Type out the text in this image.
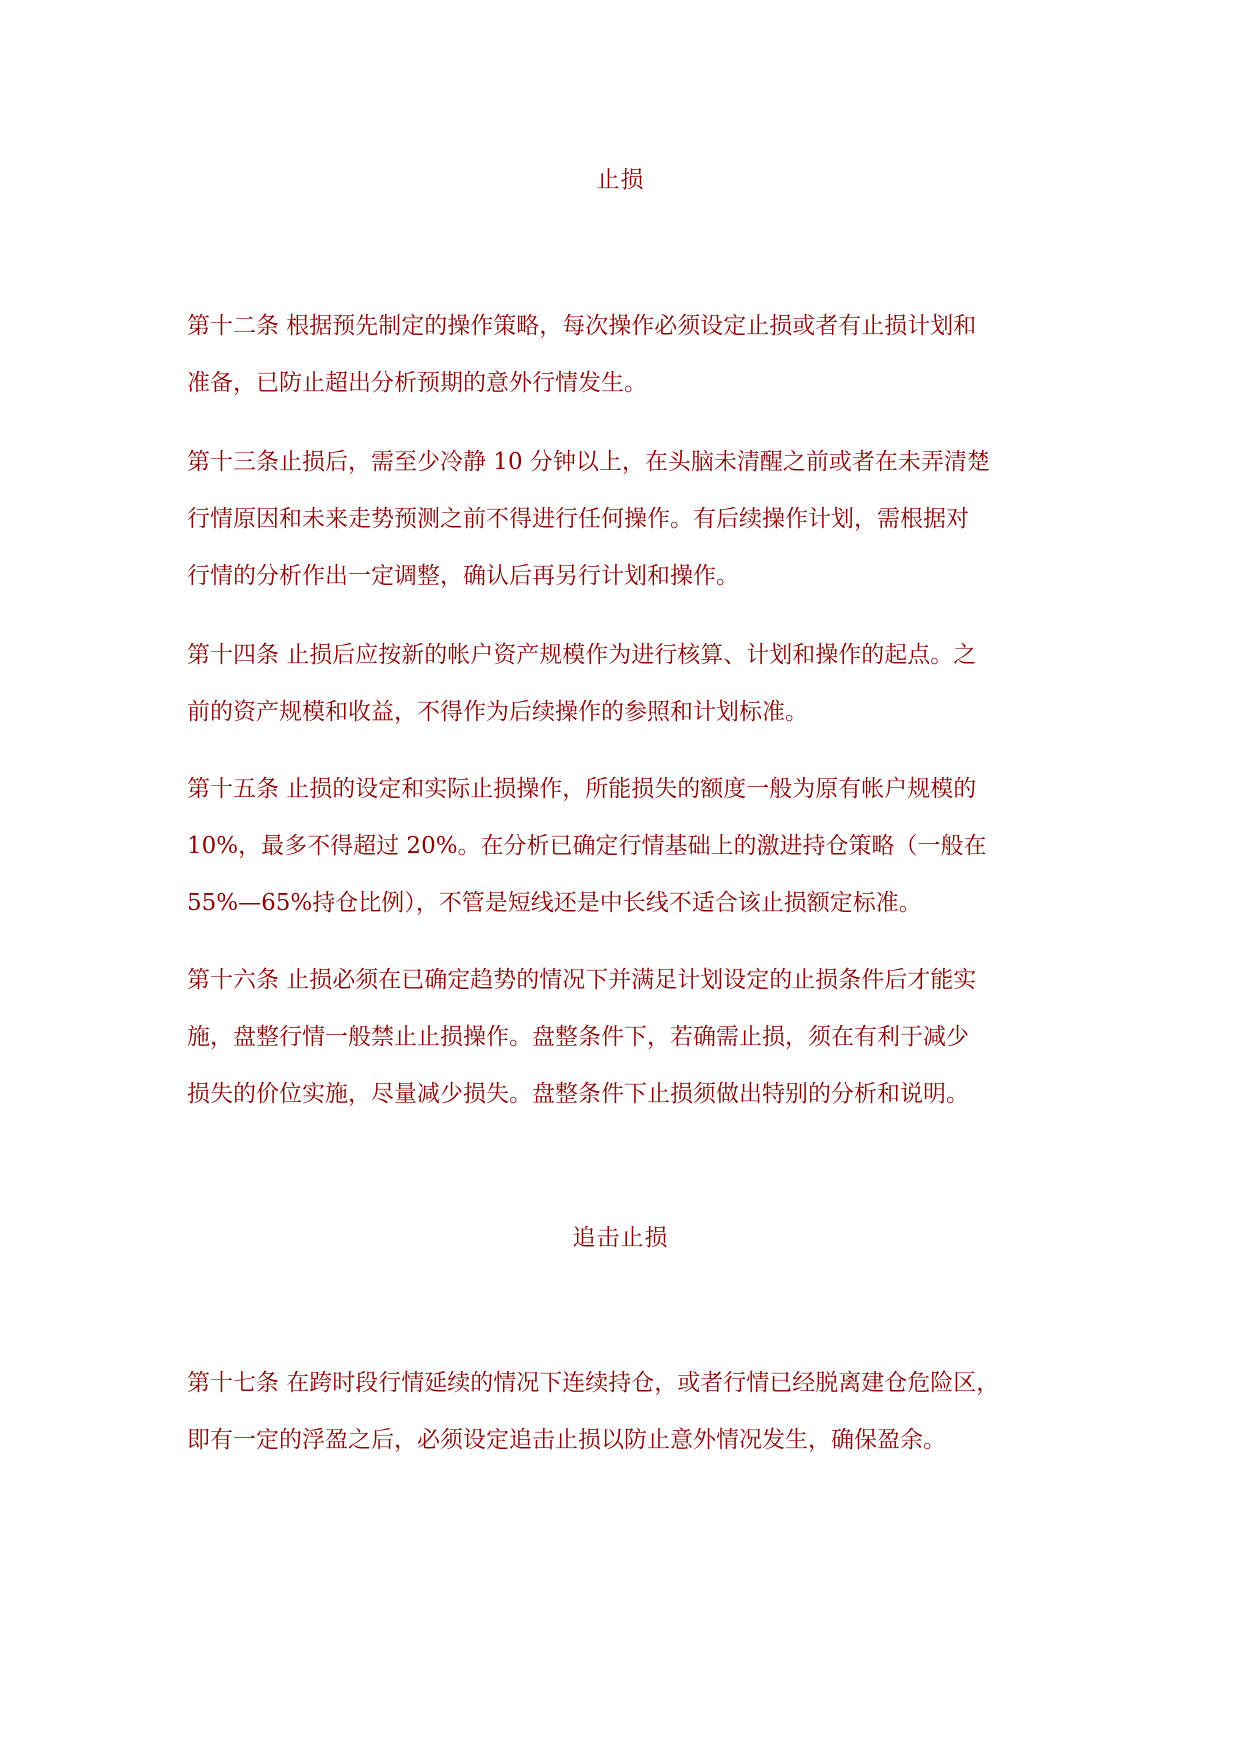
止损
第十二条 根据预先制定的操作策略，每次操作必须设定止损或者有止损计划和
准备，已防止超出分析预期的意外行情发生。
第十三条止损后，需至少冷静 10 分钟以上，在头脑未清醒之前或者在未弄清楚
行情原因和未来走势预测之前不得进行任何操作。有后续操作计划，需根据对
行情的分析作出一定调整，确认后再另行计划和操作。
第十四条 止损后应按新的帐户资产规模作为进行核算、计划和操作的起点。之
前的资产规模和收益，不得作为后续操作的参照和计划标准。
第十五条 止损的设定和实际止损操作，所能损失的额度一般为原有帐户规模的
10%，最多不得超过 20%。在分析已确定行情基础上的激进持仓策略（一般在
55%—65%持仓比例），不管是短线还是中长线不适合该止损额定标准。
第十六条 止损必须在已确定趋势的情况下并满足计划设定的止损条件后才能实
施，盘整行情一般禁止止损操作。盘整条件下，若确需止损，须在有利于减少
损失的价位实施，尽量减少损失。盘整条件下止损须做出特别的分析和说明。
追击止损
第十七条 在跨时段行情延续的情况下连续持仓，或者行情已经脱离建仓危险区，
即有一定的浮盈之后，必须设定追击止损以防止意外情况发生，确保盈余。
